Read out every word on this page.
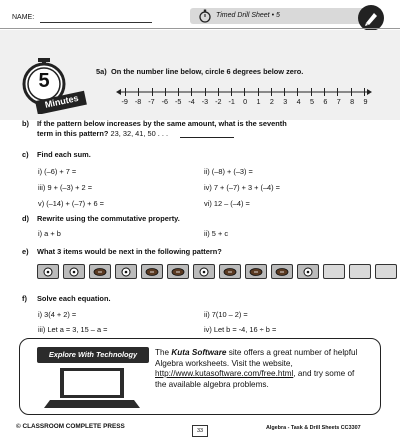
NAME:	Timed Drill Sheet • 5
5
Minutes
5a) On the number line below, circle 6 degrees below zero.
-9 -8 -7 -6 -5 -4 -3 -2 -1	0	1	2	3	4	5	6	7	8	9
b) If the pattern below increases by the same amount, what is the seventh
term in this pattern? 23, 32, 41, 50 . . .
c) Find each sum.
i) (–6) + 7 =	ii) (–8) + (–3) =
iii) 9 + (–3) + 2 =	iv) 7 + (–7) + 3 + (–4) =
v) (–14) + (–7) + 6 =	vi) 12 – (–4) =
d) Rewrite using the commutative property.
i) a + b	ii) 5 + c
e) What 3 items would be next in the following pattern?
f) Solve each equation.
i) 3(4 + 2) =	ii) 7(10 – 2) =
iii) Let a = 3, 15 – a =	iv) Let b = -4, 16 ÷ b =
Explore With Technology	The Kuta Software site offers a great number of helpful Algebra worksheets. Visit the website, http://www.kutasoftware.com/free.html, and try some of the available algebra problems.
© CLASSROOM COMPLETE PRESS
33	Algebra - Task & Drill Sheets CC3307
